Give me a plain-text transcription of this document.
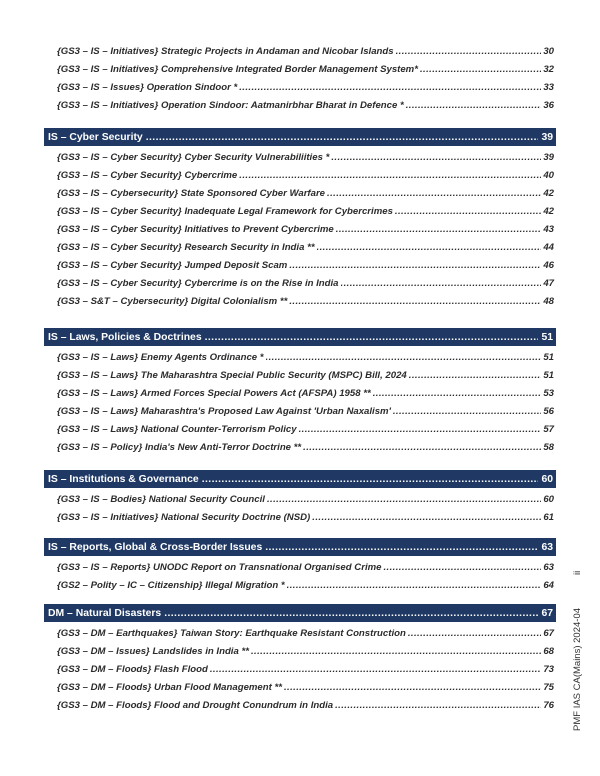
{GS3 – IS – Initiatives} Strategic Projects in Andaman and Nicobar Islands .....	30
{GS3 – IS – Initiatives} Comprehensive Integrated Border Management System* .....	32
{GS3 – IS – Issues} Operation Sindoor * .....	33
{GS3 – IS – Initiatives} Operation Sindoor: Aatmanirbhar Bharat in Defence * .....	36
IS – Cyber Security .....	39
{GS3 – IS – Cyber Security} Cyber Security Vulnerabiliities * .....	39
{GS3 – IS – Cyber Security} Cybercrime .....	40
{GS3 – IS – Cybersecurity} State Sponsored Cyber Warfare .....	42
{GS3 – IS – Cyber Security} Inadequate Legal Framework for Cybercrimes .....	42
{GS3 – IS – Cyber Security} Initiatives to Prevent Cybercrime .....	43
{GS3 – IS – Cyber Security} Research Security in India ** .....	44
{GS3 – IS – Cyber Security} Jumped Deposit Scam .....	46
{GS3 – IS – Cyber Security} Cybercrime is on the Rise in India .....	47
{GS3 – S&T – Cybersecurity} Digital Colonialism ** .....	48
IS – Laws, Policies & Doctrines .....	51
{GS3 – IS – Laws} Enemy Agents Ordinance * .....	51
{GS3 – IS – Laws} The Maharashtra Special Public Security (MSPC) Bill, 2024 .....	51
{GS3 – IS – Laws} Armed Forces Special Powers Act (AFSPA) 1958 ** .....	53
{GS3 – IS – Laws} Maharashtra's Proposed Law Against 'Urban Naxalism' .....	56
{GS3 – IS – Laws} National Counter-Terrorism Policy .....	57
{GS3 – IS – Policy} India's New Anti-Terror Doctrine ** .....	58
IS – Institutions & Governance .....	60
{GS3 – IS – Bodies} National Security Council .....	60
{GS3 – IS – Initiatives} National Security Doctrine (NSD) .....	61
IS – Reports, Global & Cross-Border Issues .....	63
{GS3 – IS – Reports} UNODC Report on Transnational Organised Crime .....	63
{GS2 – Polity – IC – Citizenship} Illegal Migration * .....	64
DM – Natural Disasters .....	67
{GS3 – DM – Earthquakes} Taiwan Story: Earthquake Resistant Construction .....	67
{GS3 – DM – Issues} Landslides in India ** .....	68
{GS3 – DM – Floods} Flash Flood .....	73
{GS3 – DM – Floods} Urban Flood Management ** .....	75
{GS3 – DM – Floods} Flood and Drought Conundrum in India .....	76
ii
PMF IAS CA(Mains) 2024-04
